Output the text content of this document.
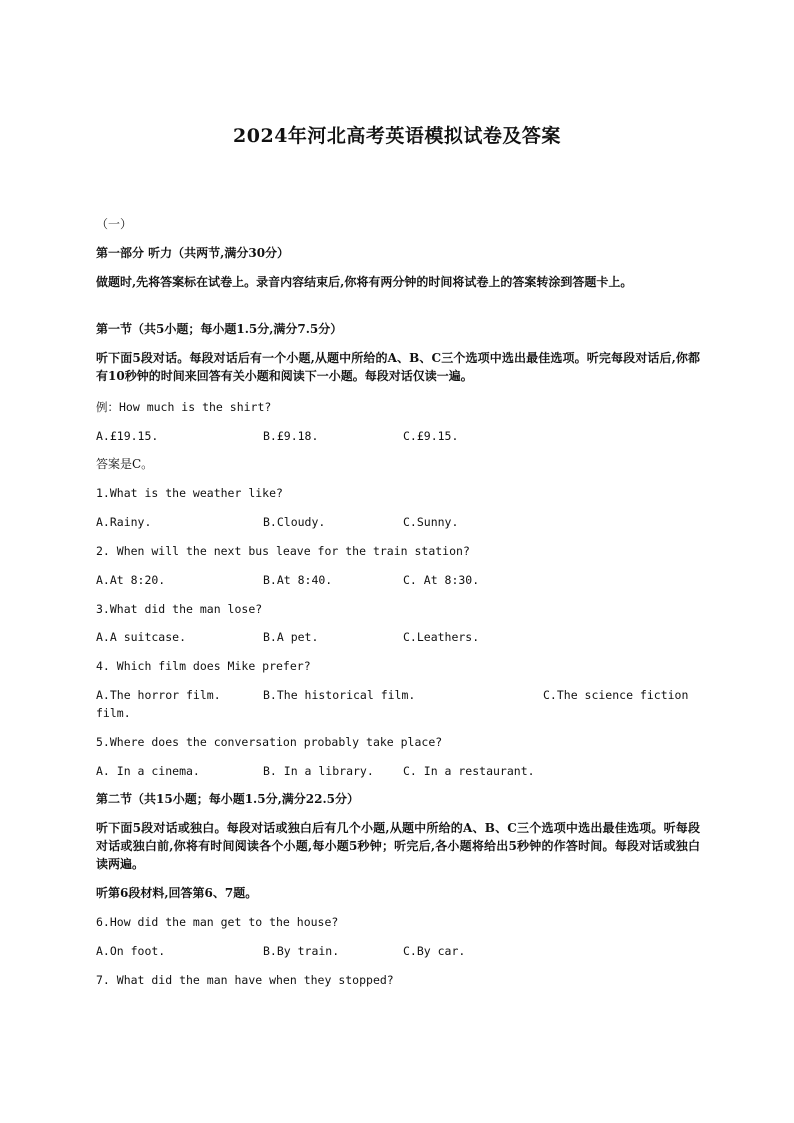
2024年河北高考英语模拟试卷及答案
（一）
第一部分 听力（共两节,满分30分）
做题时,先将答案标在试卷上。录音内容结束后,你将有两分钟的时间将试卷上的答案转涂到答题卡上。
第一节（共5小题；每小题1.5分,满分7.5分）
听下面5段对话。每段对话后有一个小题,从题中所给的A、B、C三个选项中选出最佳选项。听完每段对话后,你都有10秒钟的时间来回答有关小题和阅读下一小题。每段对话仅读一遍。
例：How much is the shirt?
A.£19.15.	B.£9.18.	C.£9.15.
答案是C。
1.What is the weather like?
A.Rainy.	B.Cloudy.	C.Sunny.
2. When will the next bus leave for the train station?
A.At 8:20.	B.At 8:40.	C. At 8:30.
3.What did the man lose?
A.A suitcase.	B.A pet.	C.Leathers.
4. Which film does Mike prefer?
A.The horror film.	B.The historical film.	C.The science fiction
film.
5.Where does the conversation probably take place?
A. In a cinema.	B. In a library.	C. In a restaurant.
第二节（共15小题；每小题1.5分,满分22.5分）
听下面5段对话或独白。每段对话或独白后有几个小题,从题中所给的A、B、C三个选项中选出最佳选项。听每段对话或独白前,你将有时间阅读各个小题,每小题5秒钟；听完后,各小题将给出5秒钟的作答时间。每段对话或独白读两遍。
听第6段材料,回答第6、7题。
6.How did the man get to the house?
A.On foot.	B.By train.	C.By car.
7. What did the man have when they stopped?
